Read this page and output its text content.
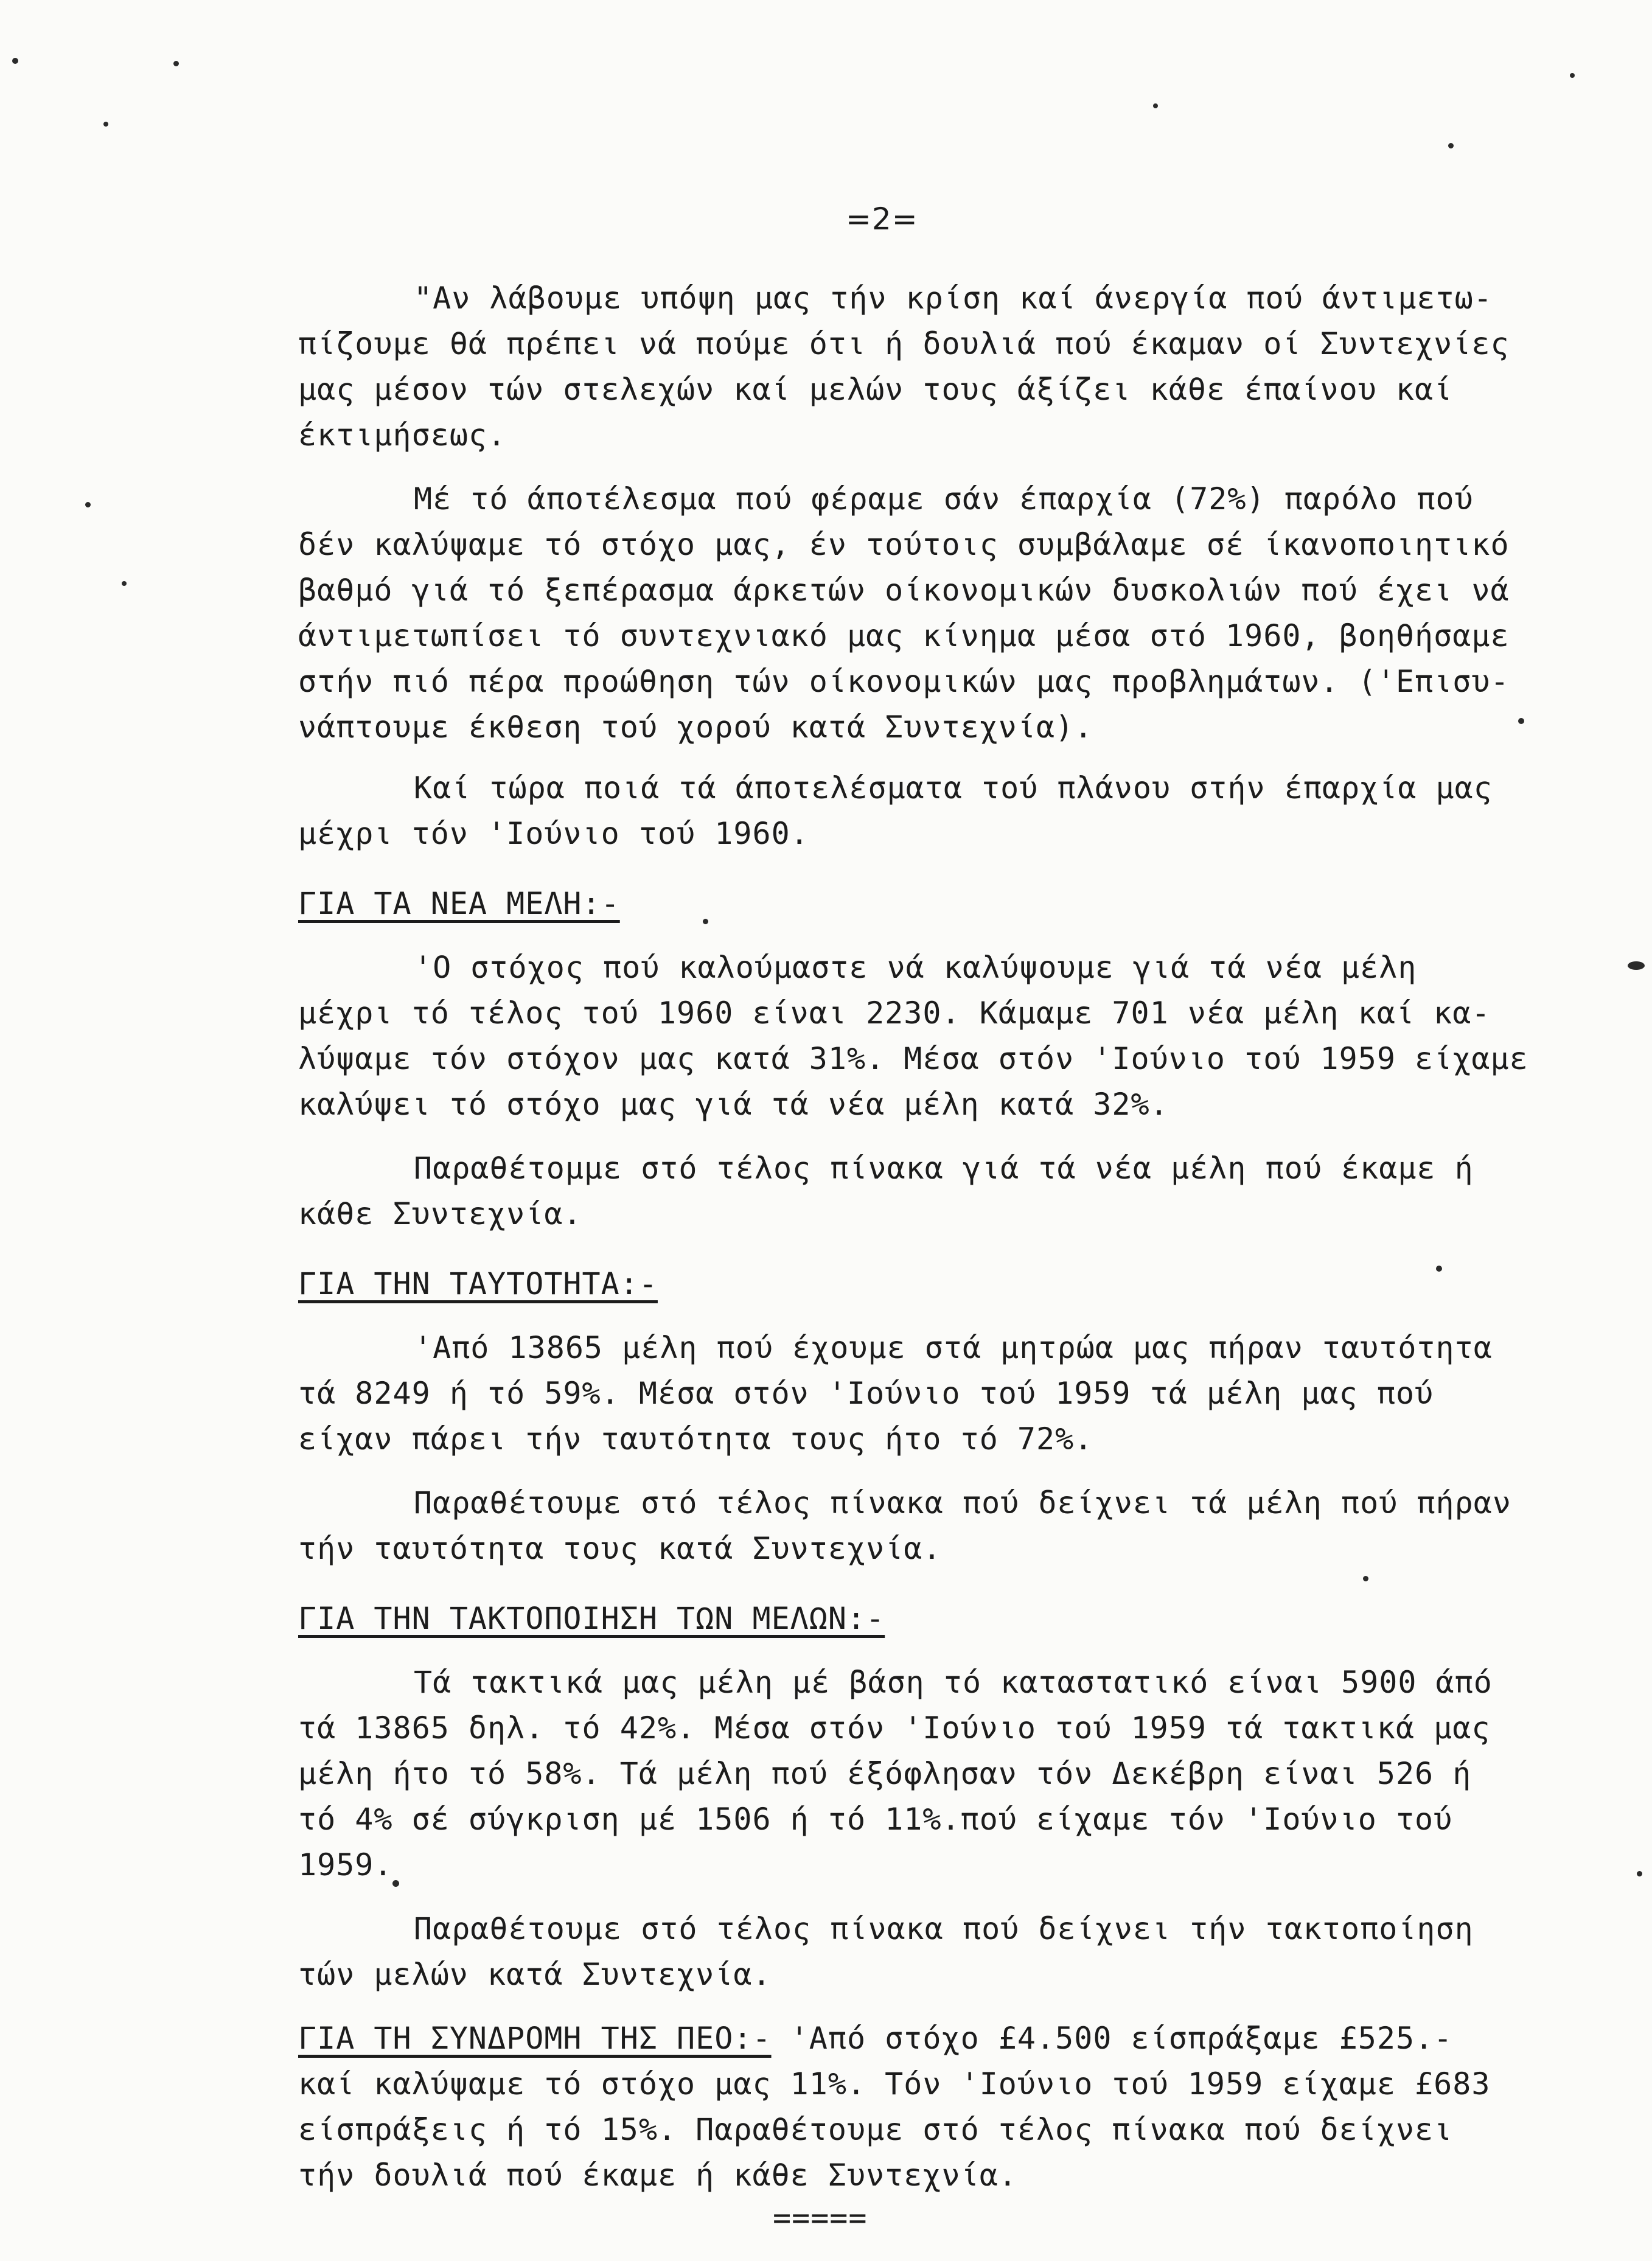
=2=
"Αν λάβουμε υπόψη μας τήν κρίση καί άνεργία πού άντιμετω-
πίζουμε θά πρέπει νά πούμε ότι ή δουλιά πού έκαμαν οί Συντεχνίες
μας μέσον τών στελεχών καί μελών τους άξίζει κάθε έπαίνου καί
έκτιμήσεως.
Μέ τό άποτέλεσμα πού φέραμε σάν έπαρχία (72%) παρόλο πού
δέν καλύψαμε τό στόχο μας, έν τούτοις συμβάλαμε σέ ίκανοποιητικό
βαθμό γιά τό ξεπέρασμα άρκετών οίκονομικών δυσκολιών πού έχει νά
άντιμετωπίσει τό συντεχνιακό μας κίνημα μέσα στό 1960, βοηθήσαμε
στήν πιό πέρα προώθηση τών οίκονομικών μας προβλημάτων. ('Επισυ-
νάπτουμε έκθεση τού χορού κατά Συντεχνία).
Καί τώρα ποιά τά άποτελέσματα τού πλάνου στήν έπαρχία μας
μέχρι τόν 'Ιούνιο τού 1960.
ΓΙΑ ΤΑ ΝΕΑ ΜΕΛΗ:-
'Ο στόχος πού καλούμαστε νά καλύψουμε γιά τά νέα μέλη
μέχρι τό τέλος τού 1960 είναι 2230. Κάμαμε 701 νέα μέλη καί κα-
λύψαμε τόν στόχον μας κατά 31%. Μέσα στόν 'Ιούνιο τού 1959 είχαμε
καλύψει τό στόχο μας γιά τά νέα μέλη κατά 32%.
Παραθέτομμε στό τέλος πίνακα γιά τά νέα μέλη πού έκαμε ή
κάθε Συντεχνία.
ΓΙΑ ΤΗΝ ΤΑΥΤΟΤΗΤΑ:-
'Από 13865 μέλη πού έχουμε στά μητρώα μας πήραν ταυτότητα
τά 8249 ή τό 59%. Μέσα στόν 'Ιούνιο τού 1959 τά μέλη μας πού
είχαν πάρει τήν ταυτότητα τους ήτο τό 72%.
Παραθέτουμε στό τέλος πίνακα πού δείχνει τά μέλη πού πήραν
τήν ταυτότητα τους κατά Συντεχνία.
ΓΙΑ ΤΗΝ ΤΑΚΤΟΠΟΙΗΣΗ ΤΩΝ ΜΕΛΩΝ:-
Τά τακτικά μας μέλη μέ βάση τό καταστατικό είναι 5900 άπό
τά 13865 δηλ. τό 42%. Μέσα στόν 'Ιούνιο τού 1959 τά τακτικά μας
μέλη ήτο τό 58%. Τά μέλη πού έξόφλησαν τόν Δεκέβρη είναι 526 ή
τό 4% σέ σύγκριση μέ 1506 ή τό 11%.πού είχαμε τόν 'Ιούνιο τού
1959.
Παραθέτουμε στό τέλος πίνακα πού δείχνει τήν τακτοποίηση
τών μελών κατά Συντεχνία.
ΓΙΑ ΤΗ ΣΥΝΔΡΟΜΗ ΤΗΣ ΠΕΟ:- 'Από στόχο £4.500 είσπράξαμε £525.-
καί καλύψαμε τό στόχο μας 11%. Τόν 'Ιούνιο τού 1959 είχαμε £683
είσπράξεις ή τό 15%. Παραθέτουμε στό τέλος πίνακα πού δείχνει
τήν δουλιά πού έκαμε ή κάθε Συντεχνία.
=====
